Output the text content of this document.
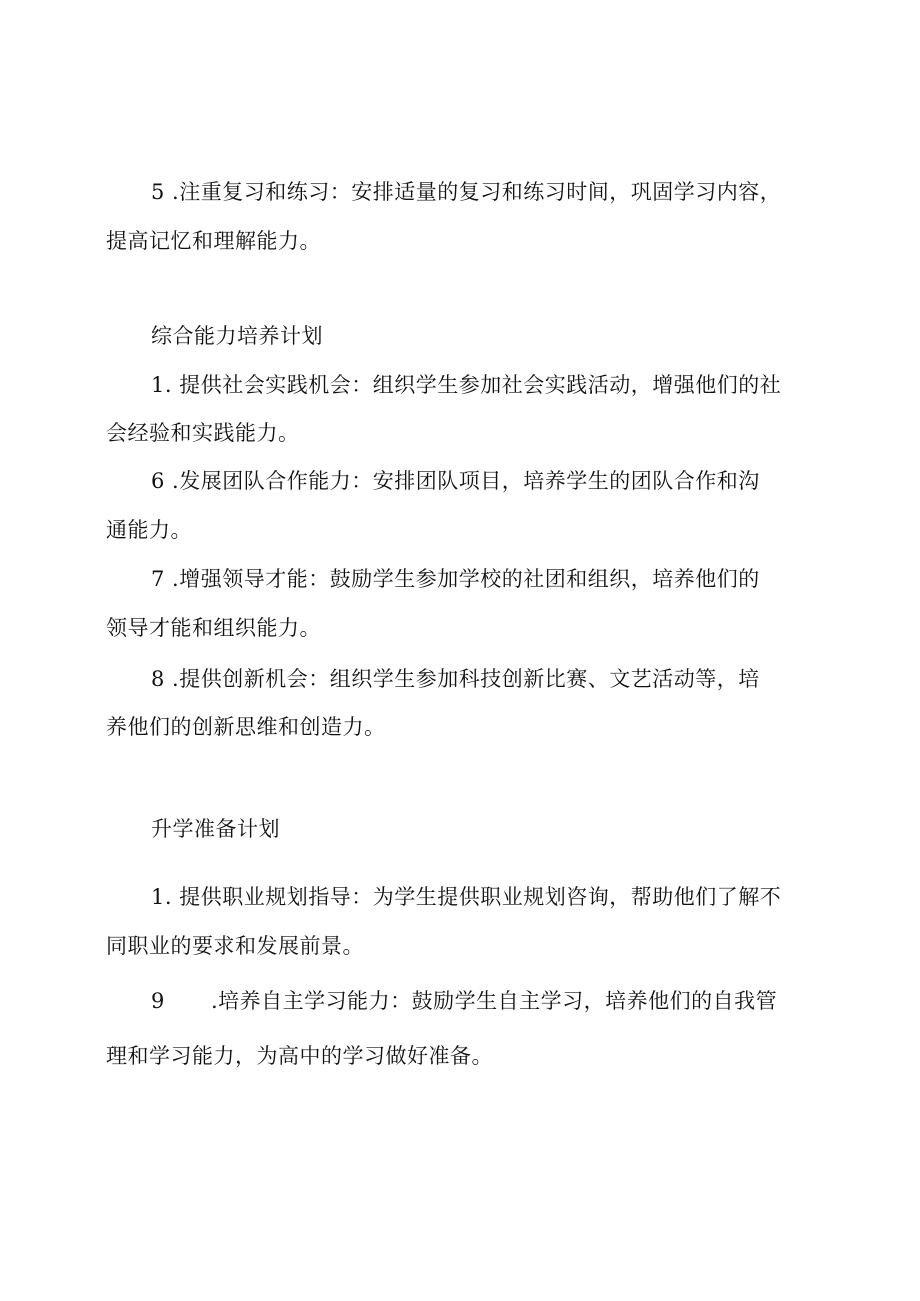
5 .注重复习和练习：安排适量的复习和练习时间，巩固学习内容，
提高记忆和理解能力。
综合能力培养计划
1. 提供社会实践机会：组织学生参加社会实践活动，增强他们的社
会经验和实践能力。
6 .发展团队合作能力：安排团队项目，培养学生的团队合作和沟
通能力。
7 .增强领导才能：鼓励学生参加学校的社团和组织，培养他们的
领导才能和组织能力。
8 .提供创新机会：组织学生参加科技创新比赛、文艺活动等，培
养他们的创新思维和创造力。
升学准备计划
1. 提供职业规划指导：为学生提供职业规划咨询，帮助他们了解不
同职业的要求和发展前景。
9 .培养自主学习能力：鼓励学生自主学习，培养他们的自我管
理和学习能力，为高中的学习做好准备。
